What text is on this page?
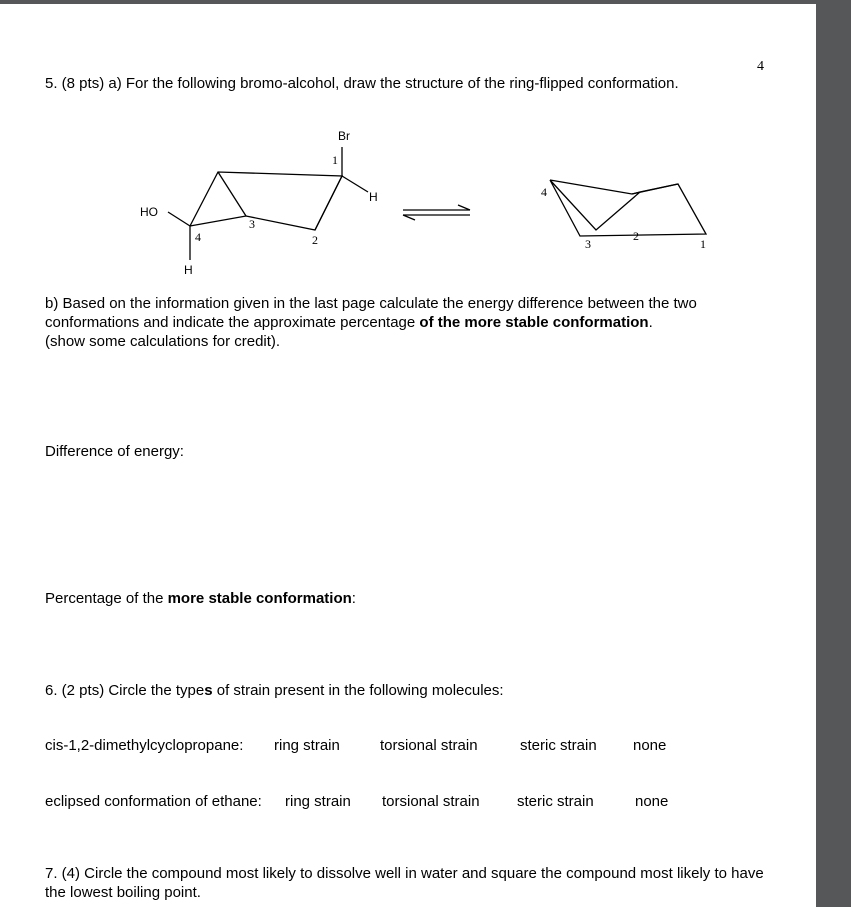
4
5. (8 pts) a) For the following bromo-alcohol, draw the structure of the ring-flipped conformation.
Br
H
HO
H
1
2
3
4	1
2
3
4
b) Based on the information given in the last page calculate the energy difference between the two
conformations and indicate the approximate percentage of the more stable conformation.
(show some calculations for credit).
Difference of energy:
Percentage of the more stable conformation:
6. (2 pts) Circle the types of strain present in the following molecules:
cis-1,2-dimethylcyclopropane: ring strain	torsional strain	steric strain none
eclipsed conformation of ethane: ring strain torsional strain steric strain	none
7. (4) Circle the compound most likely to dissolve well in water and square the compound most likely to have the lowest boiling point.
